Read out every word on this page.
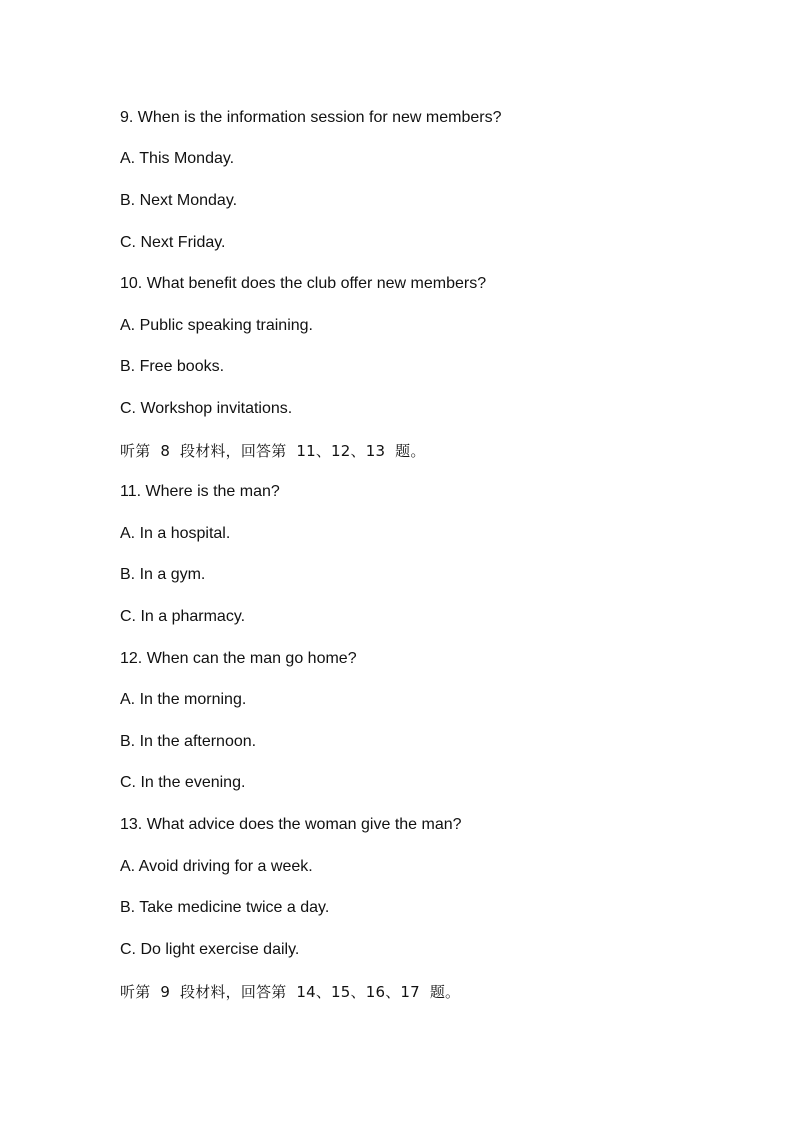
9. When is the information session for new members?
A. This Monday.
B. Next Monday.
C. Next Friday.
10. What benefit does the club offer new members?
A. Public speaking training.
B. Free books.
C. Workshop invitations.
听第  8  段材料，回答第  11、12、13  题。
11. Where is the man?
A. In a hospital.
B. In a gym.
C. In a pharmacy.
12. When can the man go home?
A. In the morning.
B. In the afternoon.
C. In the evening.
13. What advice does the woman give the man?
A. Avoid driving for a week.
B. Take medicine twice a day.
C. Do light exercise daily.
听第  9  段材料，回答第  14、15、16、17  题。
